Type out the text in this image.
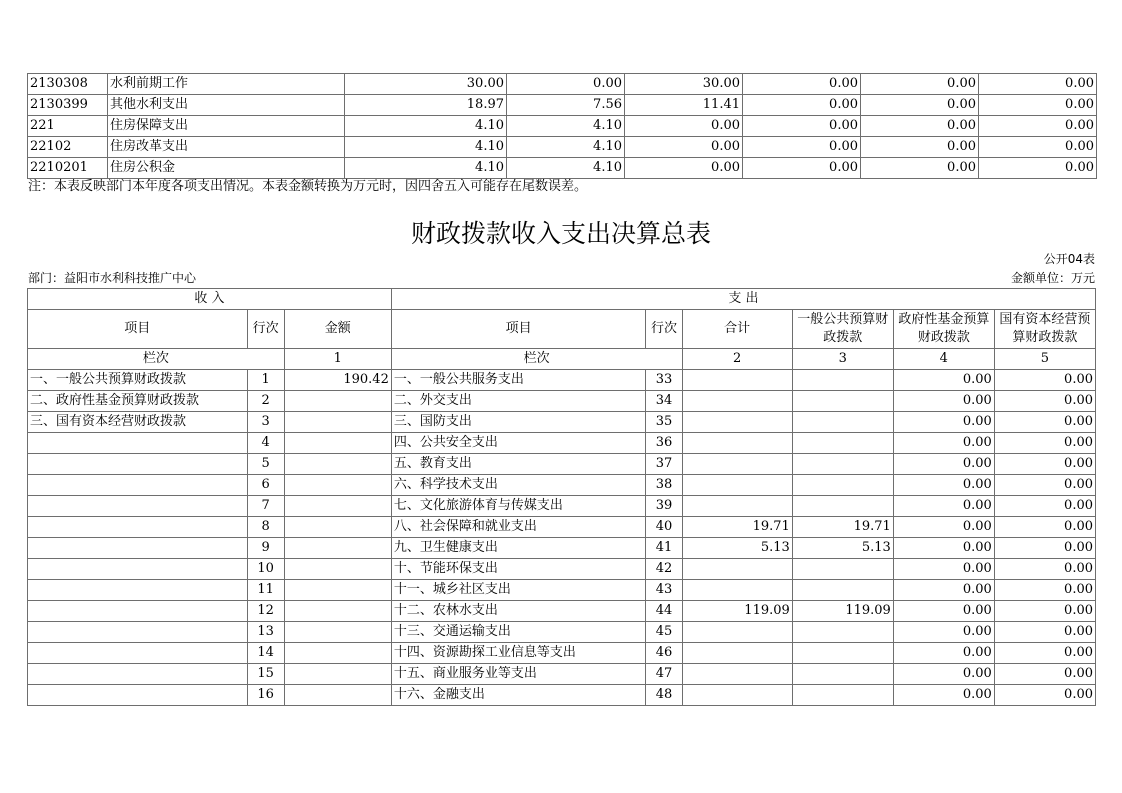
2130308	水利前期工作	30.00	0.00	30.00	0.00	0.00	0.00
2130399	其他水利支出	18.97	7.56	11.41	0.00	0.00	0.00
221	住房保障支出	4.10	4.10	0.00	0.00	0.00	0.00
22102	住房改革支出	4.10	4.10	0.00	0.00	0.00	0.00
2210201	住房公积金	4.10	4.10	0.00	0.00	0.00	0.00
注：本表反映部门本年度各项支出情况。本表金额转换为万元时，因四舍五入可能存在尾数误差。
财政拨款收入支出决算总表
公开04表
部门：益阳市水利科技推广中心	金额单位：万元
收 入			支 出					
项目	行次	金额	项目	行次	合计	一般公共预算财政拨款	政府性基金预算财政拨款	国有资本经营预算财政拨款
栏次		1	栏次		2	3	4	5
一、一般公共预算财政拨款	1	190.42	一、一般公共服务支出	33			0.00	0.00
二、政府性基金预算财政拨款	2		二、外交支出	34			0.00	0.00
三、国有资本经营财政拨款	3		三、国防支出	35			0.00	0.00
	4		四、公共安全支出	36			0.00	0.00
	5		五、教育支出	37			0.00	0.00
	6		六、科学技术支出	38			0.00	0.00
	7		七、文化旅游体育与传媒支出	39			0.00	0.00
	8		八、社会保障和就业支出	40	19.71	19.71	0.00	0.00
	9		九、卫生健康支出	41	5.13	5.13	0.00	0.00
	10		十、节能环保支出	42			0.00	0.00
	11		十一、城乡社区支出	43			0.00	0.00
	12		十二、农林水支出	44	119.09	119.09	0.00	0.00
	13		十三、交通运输支出	45			0.00	0.00
	14		十四、资源勘探工业信息等支出	46			0.00	0.00
	15		十五、商业服务业等支出	47			0.00	0.00
	16		十六、金融支出	48			0.00	0.00
